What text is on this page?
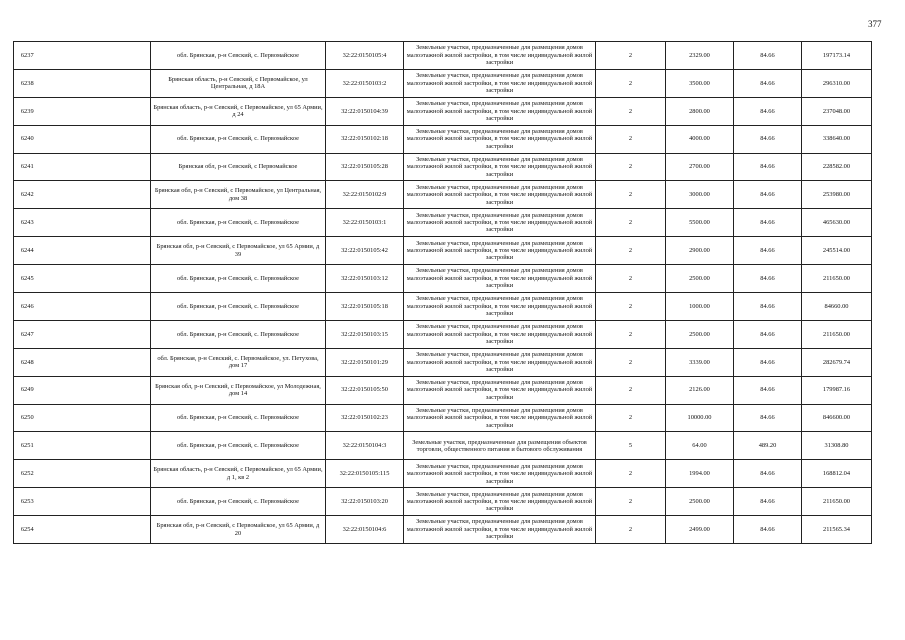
377
6237		обл. Брянская, р-н Севский, с. Первомайское	32:22:0150105:4	Земельные участки, предназначенные для размещения домов малоэтажной жилой застройки, в том числе индивидуальной жилой застройки	2	2329.00	84.66	197173.14
6238		Брянская область, р-н Севский, с Первомайское, ул Центральная, д 18А	32:22:0150103:2	Земельные участки, предназначенные для размещения домов малоэтажной жилой застройки, в том числе индивидуальной жилой застройки	2	3500.00	84.66	296310.00
6239		Брянская область, р-н Севский, с Первомайское, ул 65 Армии, д 24	32:22:0150104:39	Земельные участки, предназначенные для размещения домов малоэтажной жилой застройки, в том числе индивидуальной жилой застройки	2	2800.00	84.66	237048.00
6240		обл. Брянская, р-н Севский, с. Первомайское	32:22:0150102:18	Земельные участки, предназначенные для размещения домов малоэтажной жилой застройки, в том числе индивидуальной жилой застройки	2	4000.00	84.66	338640.00
6241		Брянская обл, р-н Севский, с Первомайское	32:22:0150105:28	Земельные участки, предназначенные для размещения домов малоэтажной жилой застройки, в том числе индивидуальной жилой застройки	2	2700.00	84.66	228582.00
6242		Брянская обл, р-н Севский, с Первомайское, ул Центральная, дом 38	32:22:0150102:9	Земельные участки, предназначенные для размещения домов малоэтажной жилой застройки, в том числе индивидуальной жилой застройки	2	3000.00	84.66	253980.00
6243		обл. Брянская, р-н Севский, с. Первомайское	32:22:0150103:1	Земельные участки, предназначенные для размещения домов малоэтажной жилой застройки, в том числе индивидуальной жилой застройки	2	5500.00	84.66	465630.00
6244		Брянская обл, р-н Севский, с Первомайское, ул 65 Армии, д 39	32:22:0150105:42	Земельные участки, предназначенные для размещения домов малоэтажной жилой застройки, в том числе индивидуальной жилой застройки	2	2900.00	84.66	245514.00
6245		обл. Брянская, р-н Севский, с. Первомайское	32:22:0150103:12	Земельные участки, предназначенные для размещения домов малоэтажной жилой застройки, в том числе индивидуальной жилой застройки	2	2500.00	84.66	211650.00
6246		обл. Брянская, р-н Севский, с. Первомайское	32:22:0150105:18	Земельные участки, предназначенные для размещения домов малоэтажной жилой застройки, в том числе индивидуальной жилой застройки	2	1000.00	84.66	84660.00
6247		обл. Брянская, р-н Севский, с. Первомайское	32:22:0150103:15	Земельные участки, предназначенные для размещения домов малоэтажной жилой застройки, в том числе индивидуальной жилой застройки	2	2500.00	84.66	211650.00
6248		обл. Брянская, р-н Севский, с. Первомайское, ул. Петухова, дом 17	32:22:0150101:29	Земельные участки, предназначенные для размещения домов малоэтажной жилой застройки, в том числе индивидуальной жилой застройки	2	3339.00	84.66	282679.74
6249		Брянская обл, р-н Севский, с Первомайское, ул Молодежная, дом 14	32:22:0150105:50	Земельные участки, предназначенные для размещения домов малоэтажной жилой застройки, в том числе индивидуальной жилой застройки	2	2126.00	84.66	179987.16
6250		обл. Брянская, р-н Севский, с. Первомайское	32:22:0150102:23	Земельные участки, предназначенные для размещения домов малоэтажной жилой застройки, в том числе индивидуальной жилой застройки	2	10000.00	84.66	846600.00
6251		обл. Брянская, р-н Севский, с. Первомайское	32:22:0150104:3	Земельные участки, предназначенные для размещения объектов торговли, общественного питания и бытового обслуживания	5	64.00	489.20	31308.80
6252		Брянская область, р-н Севский, с Первомайское, ул 65 Армии, д 1, кв 2	32:22:0150105:115	Земельные участки, предназначенные для размещения домов малоэтажной жилой застройки, в том числе индивидуальной жилой застройки	2	1994.00	84.66	168812.04
6253		обл. Брянская, р-н Севский, с. Первомайское	32:22:0150103:20	Земельные участки, предназначенные для размещения домов малоэтажной жилой застройки, в том числе индивидуальной жилой застройки	2	2500.00	84.66	211650.00
6254		Брянская обл, р-н Севский, с Первомайское, ул 65 Армии, д 20	32:22:0150104:6	Земельные участки, предназначенные для размещения домов малоэтажной жилой застройки, в том числе индивидуальной жилой застройки	2	2499.00	84.66	211565.34
